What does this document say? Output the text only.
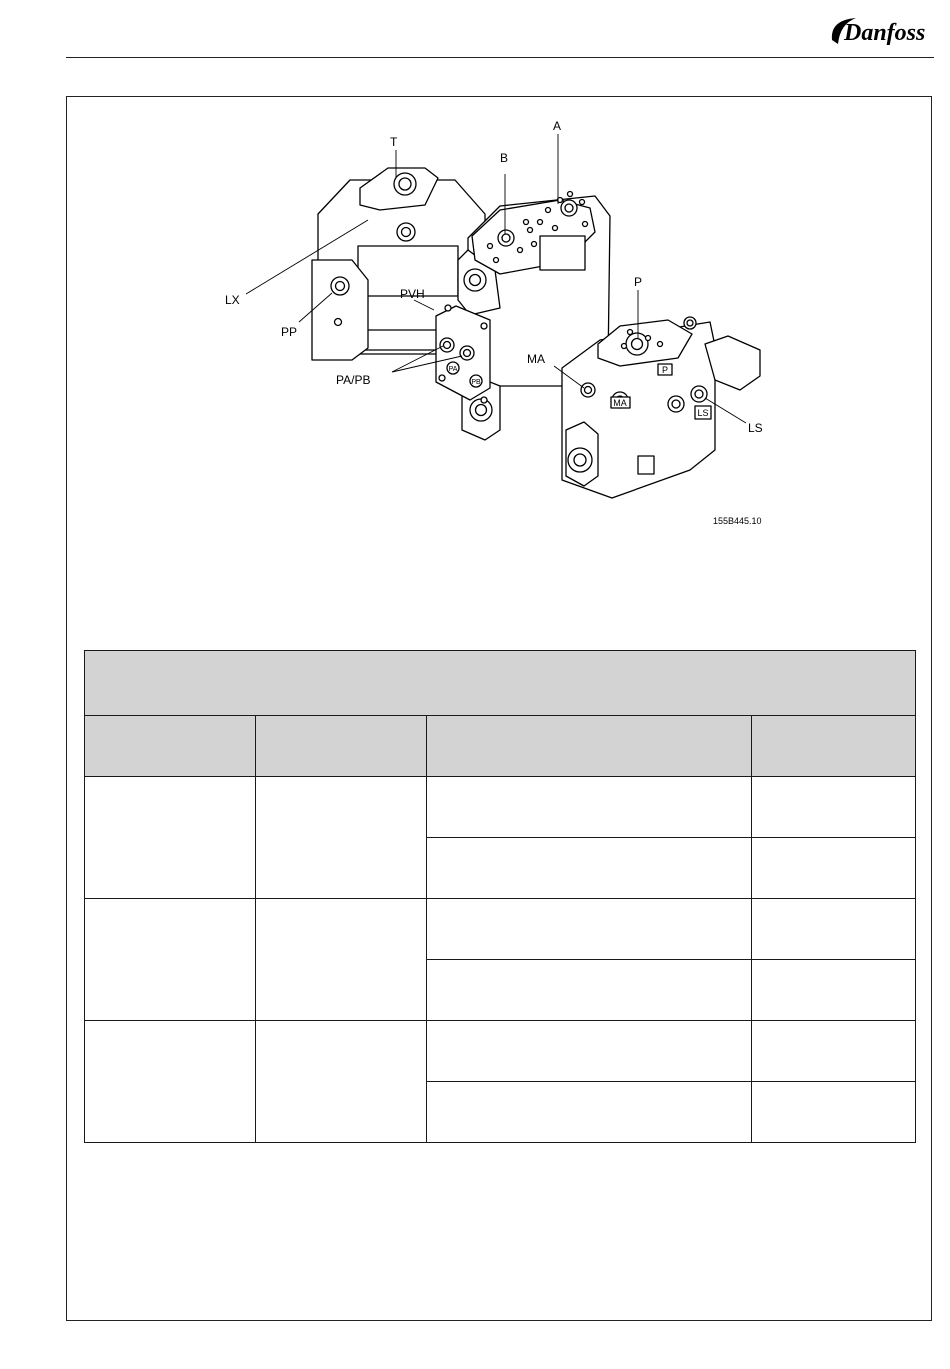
Danfoss
MA
P
LS
PA
PB
T
A
B
LX
PP
PVH
PA/PB
P
MA
LS
155B445.10
